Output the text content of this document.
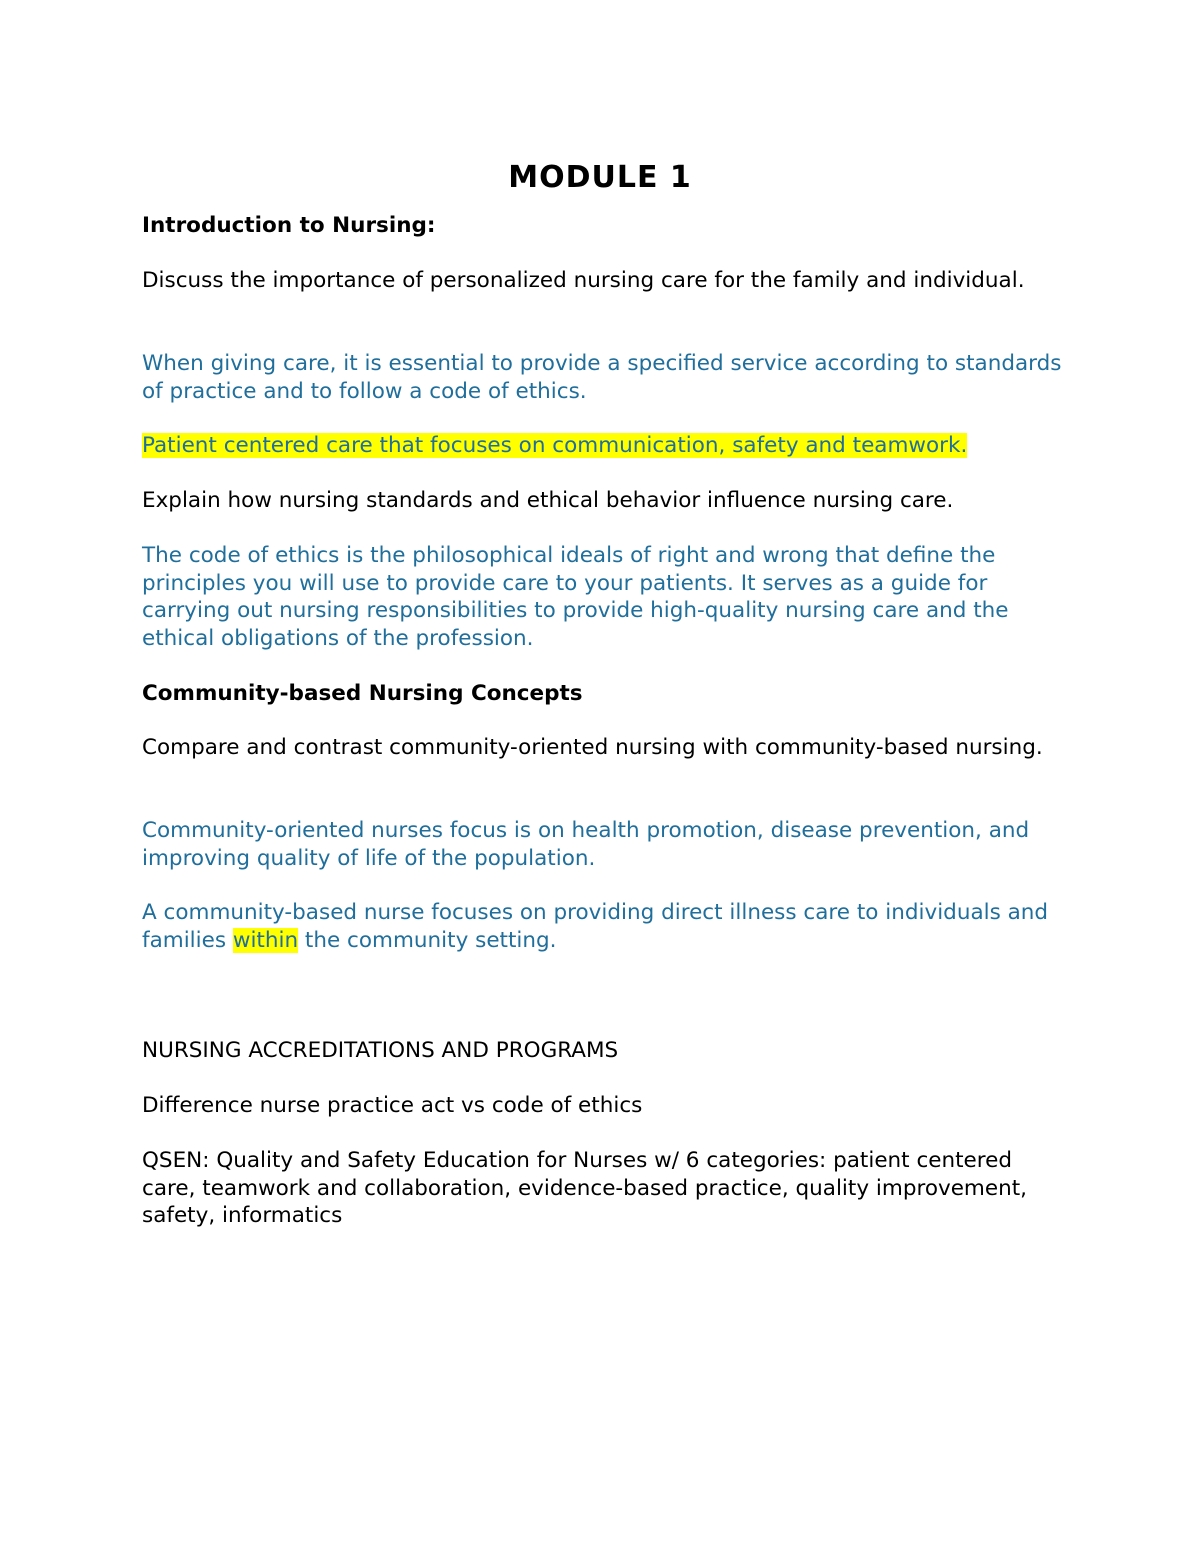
MODULE 1

Introduction to Nursing:

Discuss the importance of personalized nursing care for the family and individual.

When giving care, it is essential to provide a specified service according to standards of practice and to follow a code of ethics.

Patient centered care that focuses on communication, safety and teamwork.

Explain how nursing standards and ethical behavior influence nursing care.

The code of ethics is the philosophical ideals of right and wrong that define the principles you will use to provide care to your patients. It serves as a guide for carrying out nursing responsibilities to provide high-quality nursing care and the ethical obligations of the profession.

Community-based Nursing Concepts

Compare and contrast community-oriented nursing with community-based nursing.

Community-oriented nurses focus is on health promotion, disease prevention, and improving quality of life of the population.

A community-based nurse focuses on providing direct illness care to individuals and families within the community setting.

NURSING ACCREDITATIONS AND PROGRAMS

Difference nurse practice act vs code of ethics

QSEN: Quality and Safety Education for Nurses w/ 6 categories: patient centered care, teamwork and collaboration, evidence-based practice, quality improvement, safety, informatics
